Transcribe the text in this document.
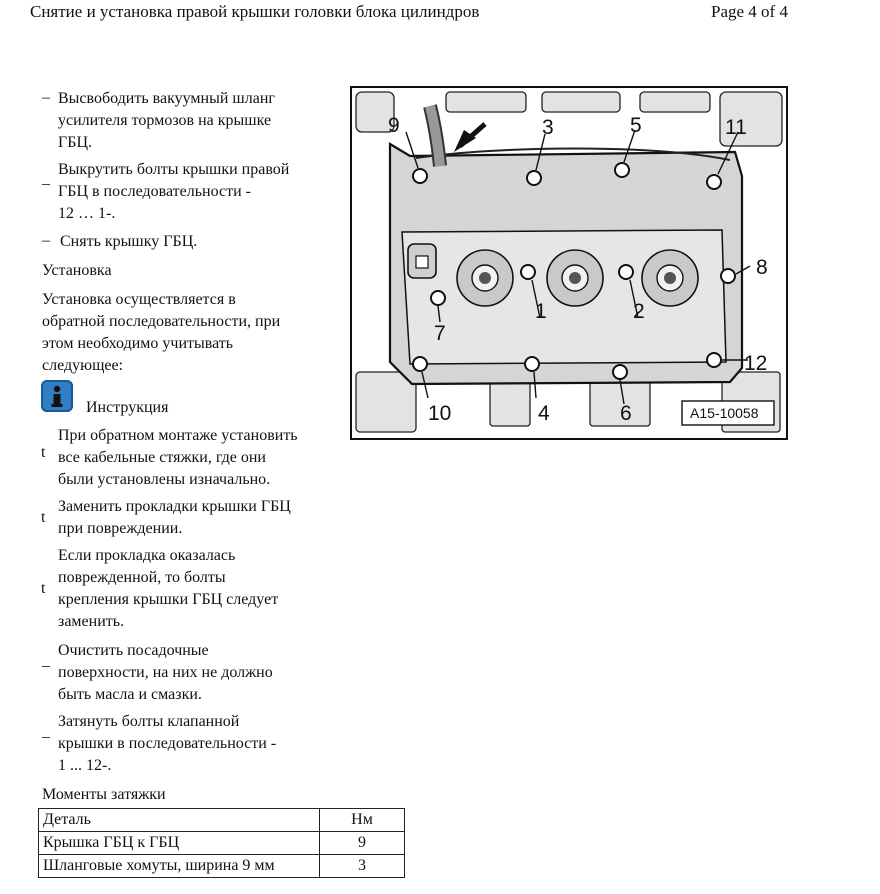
Снятие и установка правой крышки головки блока цилиндров	Page 4 of 4
– Высвободить вакуумный шланг
усилителя тормозов на крышке
ГБЦ.
_
Выкрутить болты крышки правой
ГБЦ в последовательности -
12 … 1-.
– Снять крышку ГБЦ.
Установка
Установка осуществляется в
обратной последовательности, при
этом необходимо учитывать
следующее:
Инструкция
t
При обратном монтаже установить
все кабельные стяжки, где они
были установлены изначально.
t
Заменить прокладки крышки ГБЦ
при повреждении.
t
Если прокладка оказалась
поврежденной, то болты
крепления крышки ГБЦ следует
заменить.
_
Очистить посадочные
поверхности, на них не должно
быть масла и смазки.
_
Затянуть болты клапанной
крышки в последовательности -
1 ... 12-.
Моменты затяжки
Деталь	Нм
Крышка ГБЦ к ГБЦ	9
Шланговые хомуты, ширина 9 мм	3
1	2
3
4
5
6
7
8
9
10
11
12
A15-10058
